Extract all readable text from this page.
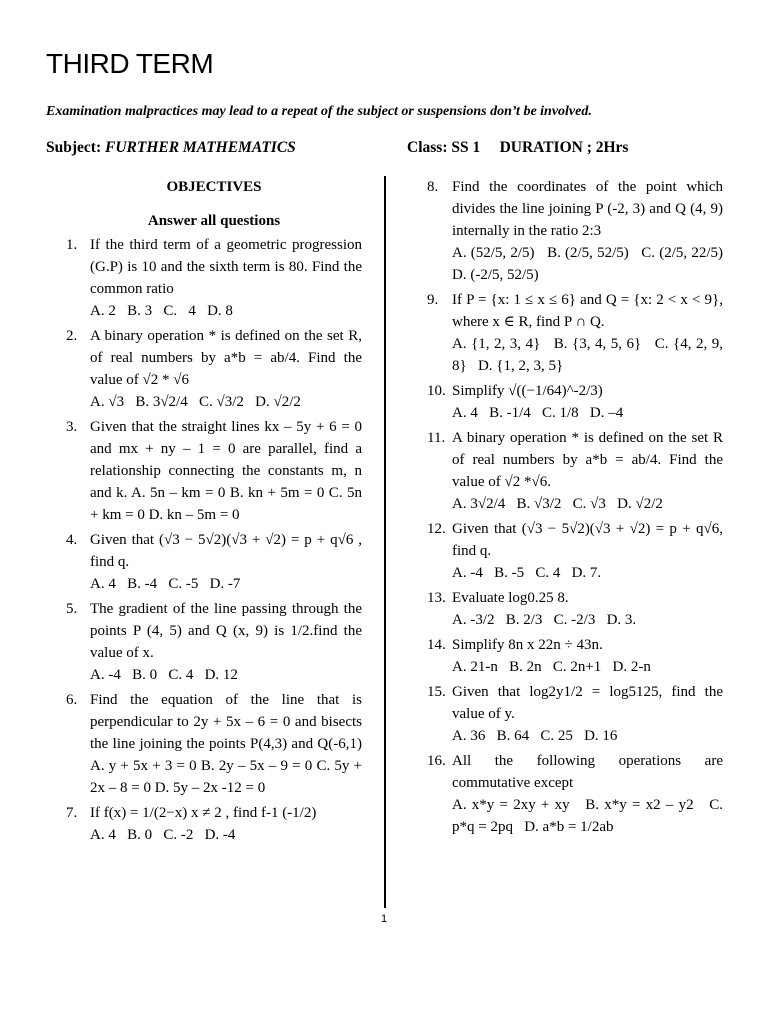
THIRD TERM
Examination malpractices may lead to a repeat of the subject or suspensions don’t be involved.
Subject: FURTHER MATHEMATICS	Class: SS 1     DURATION ; 2Hrs
OBJECTIVES
Answer all questions
1. If the third term of a geometric progression (G.P) is 10 and the sixth term is 80. Find the common ratio
A. 2   B. 3   C.   4   D. 8
2. A binary operation * is defined on the set R, of real numbers by a*b = ab/4. Find the value of √2 * √6
A. √3   B. 3√2/4   C. √3/2   D. √2/2
3. Given that the straight lines kx – 5y + 6 = 0 and mx + ny – 1 = 0 are parallel, find a relationship connecting the constants m, n and k. A. 5n – km = 0 B. kn + 5m = 0 C. 5n + km = 0 D. kn – 5m = 0
4. Given that (√3 − 5√2)(√3 + √2) = p + q√6 , find q.
A. 4   B. -4   C. -5   D. -7
5. The gradient of the line passing through the points P (4, 5) and Q (x, 9) is 1/2.find the value of x.
A. -4   B. 0   C. 4   D. 12
6. Find the equation of the line that is perpendicular to 2y + 5x – 6 = 0 and bisects the line joining the points P(4,3) and Q(-6,1) A. y + 5x + 3 = 0 B. 2y – 5x – 9 = 0 C. 5y + 2x – 8 = 0 D. 5y – 2x -12 = 0
7. If f(x) = 1/(2−x) x ≠ 2 , find f-1 (-1/2)
A. 4   B. 0   C. -2   D. -4
8. Find the coordinates of the point which divides the line joining P (-2, 3) and Q (4, 9) internally in the ratio 2:3
A. (52/5, 2/5)   B. (2/5, 52/5)   C. (2/5, 22/5)   D. (-2/5, 52/5)
9. If P = {x: 1 ≤ x ≤ 6} and Q = {x: 2 < x < 9}, where x ∈ R, find P ∩ Q.
A. {1, 2, 3, 4}   B. {3, 4, 5, 6}   C. {4, 2, 9, 8}   D. {1, 2, 3, 5}
10. Simplify √((−1/64)^-2/3)
A. 4   B. -1/4   C. 1/8   D. –4
11. A binary operation * is defined on the set R of real numbers by a*b = ab/4. Find the value of √2 *√6.
A. 3√2/4   B. √3/2   C. √3   D. √2/2
12. Given that (√3 − 5√2)(√3 + √2) = p + q√6, find q.
A. -4   B. -5   C. 4   D. 7.
13. Evaluate log0.25 8.
A. -3/2   B. 2/3   C. -2/3   D. 3.
14. Simplify 8n x 22n ÷ 43n.
A. 21-n   B. 2n   C. 2n+1   D. 2-n
15. Given that log2y1/2 = log5125, find the value of y.
A. 36   B. 64   C. 25   D. 16
16. All the following operations are commutative except
A. x*y = 2xy + xy   B. x*y = x2 – y2   C. p*q = 2pq   D. a*b = 1/2ab
1
